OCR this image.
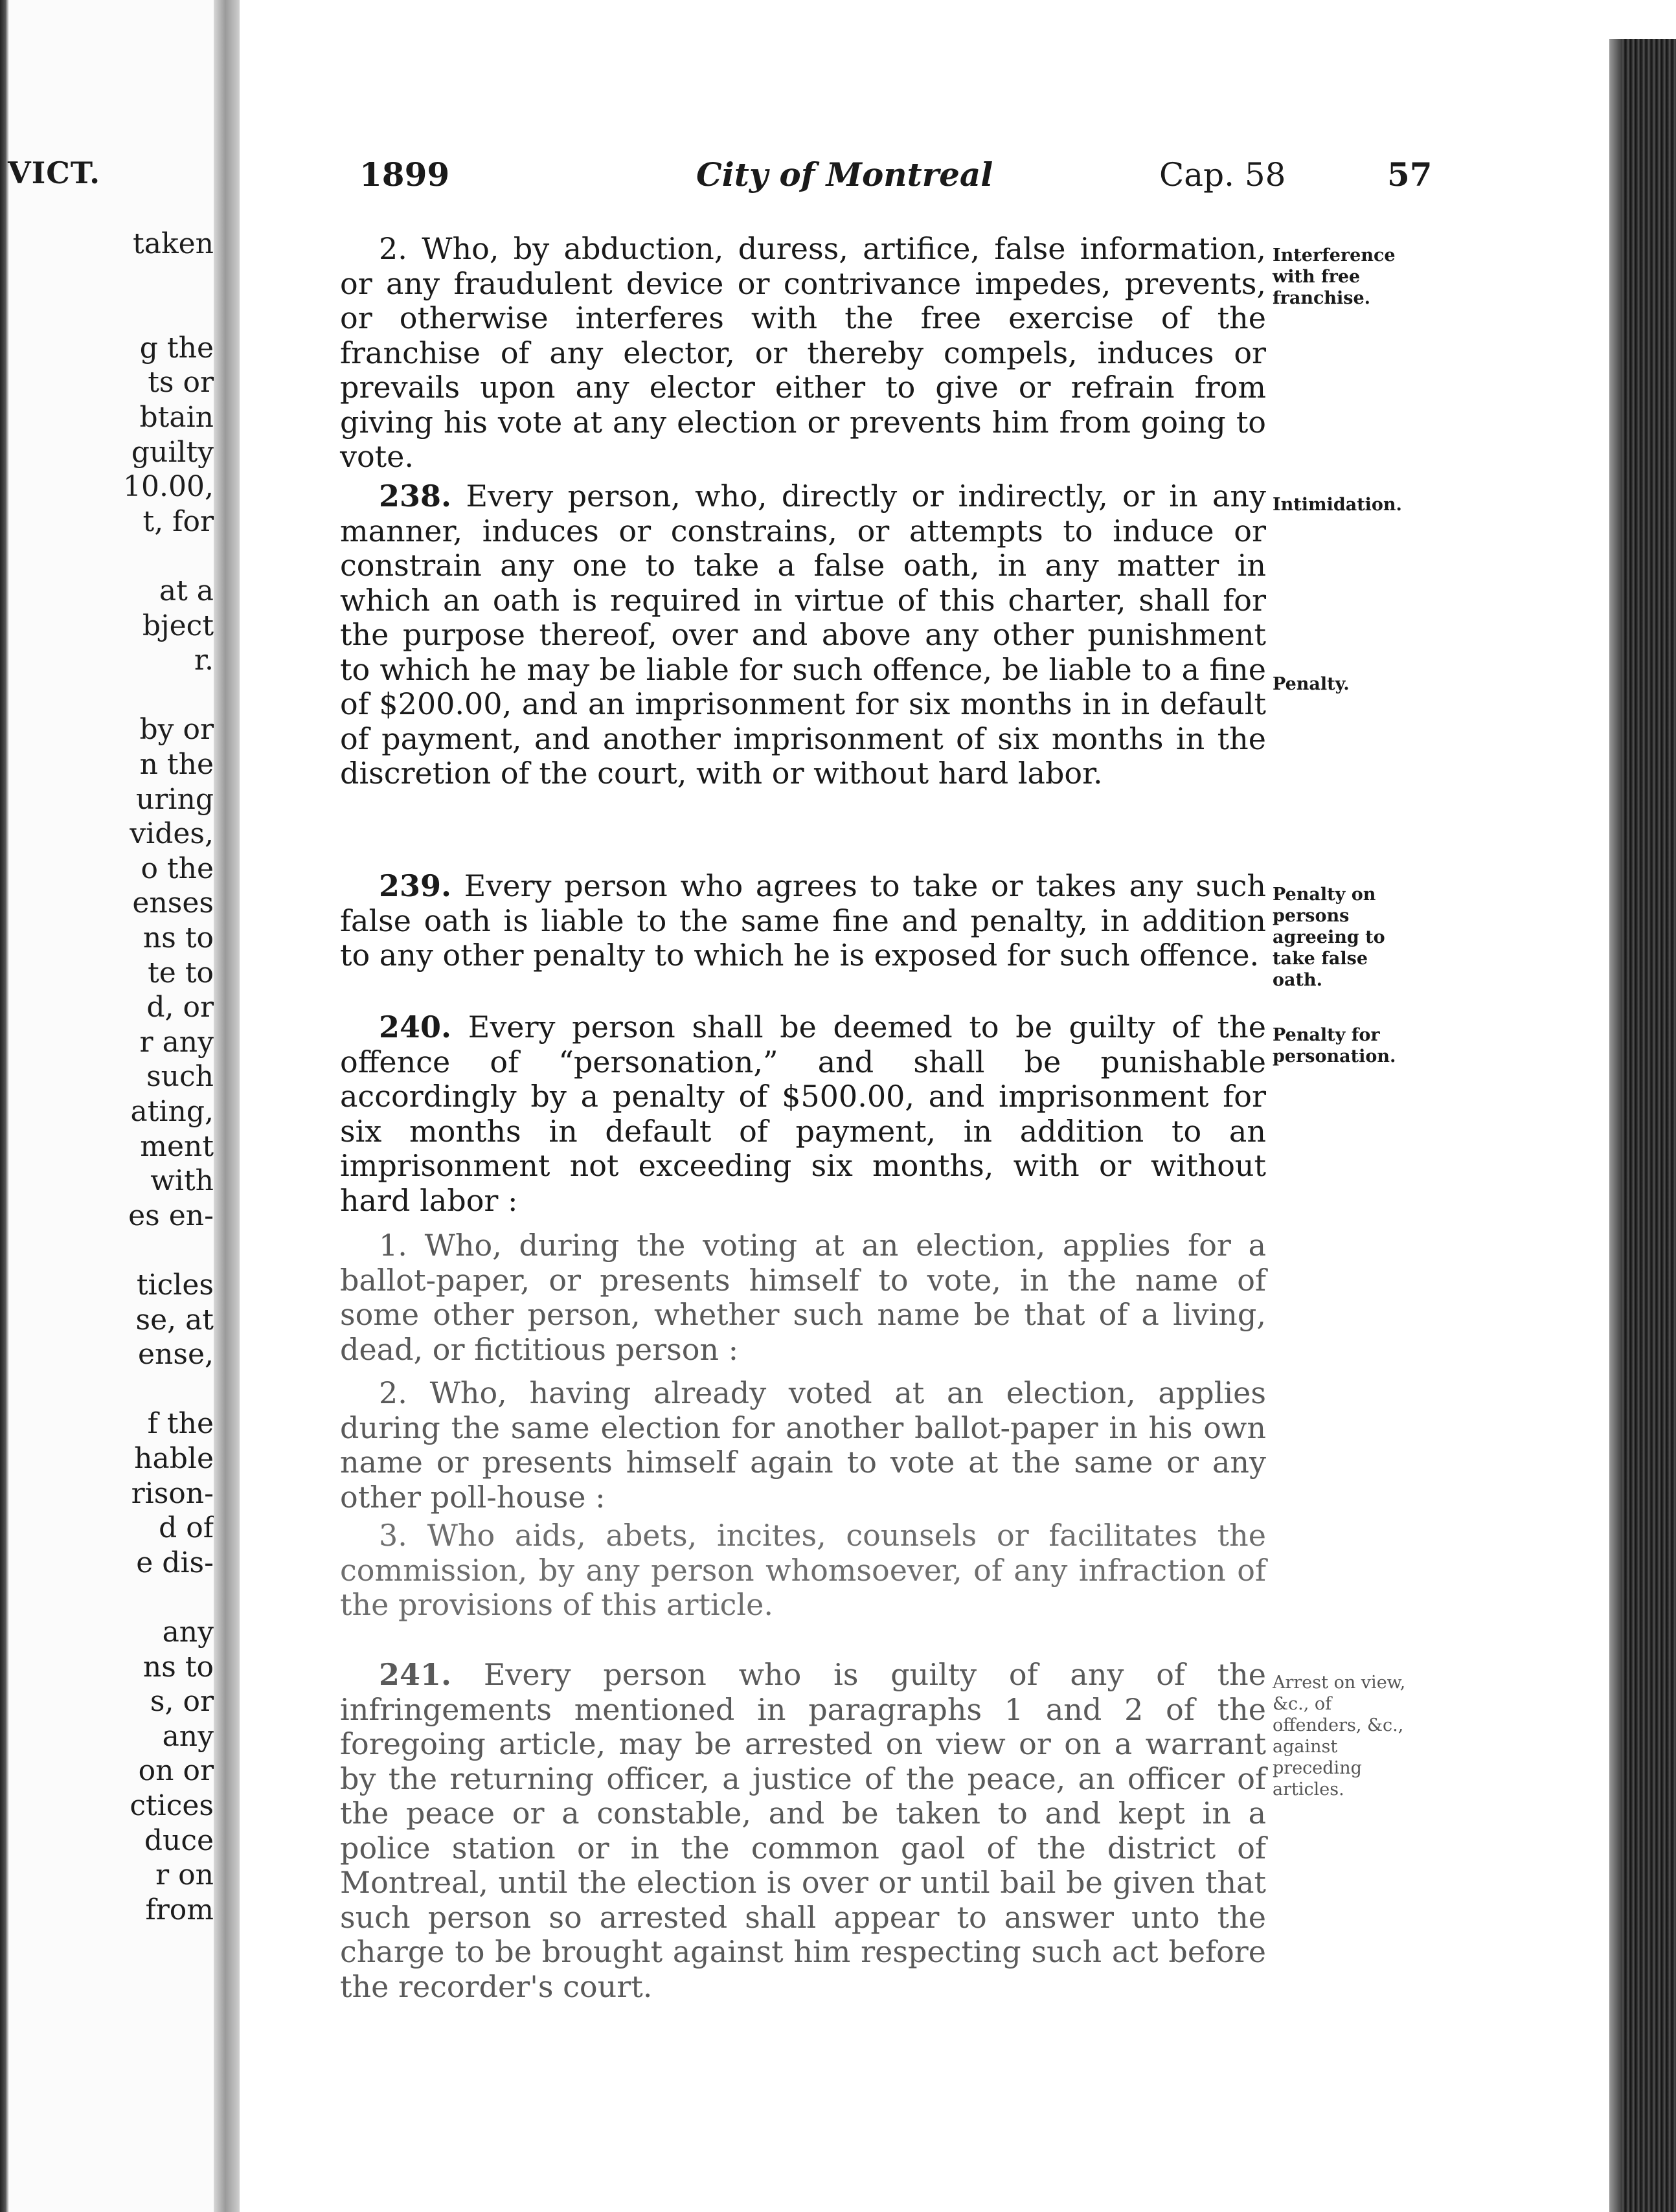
VICT.
taken
g the
ts or
btain
guilty
10.00,
t, for
at a
bject
r.
by or
n the
uring
vides,
o the
enses
ns to
te to
d, or
r any
such
ating,
ment
with
es en-
ticles
se, at
ense,
f the
hable
rison-
d of
e dis-
any
ns to
s, or
any
on or
ctices
duce
r on
from
1899	City of Montreal	Cap. 58	57
2. Who, by abduction, duress, artifice, false information, or any fraudulent device or contrivance impedes, prevents, or otherwise interferes with the free exercise of the franchise of any elector, or thereby compels, induces or prevails upon any elector either to give or refrain from giving his vote at any election or prevents him from going to vote.
Interference with free franchise.
238. Every person, who, directly or indirectly, or in any manner, induces or constrains, or attempts to induce or constrain any one to take a false oath, in any matter in which an oath is required in virtue of this charter, shall for the purpose thereof, over and above any other punishment to which he may be liable for such offence, be liable to a fine of $200.00, and an imprisonment for six months in in default of payment, and another imprisonment of six months in the discretion of the court, with or without hard labor.
Intimidation.
Penalty.
239. Every person who agrees to take or takes any such false oath is liable to the same fine and penalty, in addition to any other penalty to which he is exposed for such offence.
Penalty on persons agreeing to take false oath.
240. Every person shall be deemed to be guilty of the offence of “personation,” and shall be punishable accordingly by a penalty of $500.00, and imprisonment for six months in default of payment, in addition to an imprisonment not exceeding six months, with or without hard labor :
Penalty for personation.
1. Who, during the voting at an election, applies for a ballot-paper, or presents himself to vote, in the name of some other person, whether such name be that of a living, dead, or fictitious person :
2. Who, having already voted at an election, applies during the same election for another ballot-paper in his own name or presents himself again to vote at the same or any other poll-house :
3. Who aids, abets, incites, counsels or facilitates the commission, by any person whomsoever, of any infraction of the provisions of this article.
241. Every person who is guilty of any of the infringements mentioned in paragraphs 1 and 2 of the foregoing article, may be arrested on view or on a warrant by the returning officer, a justice of the peace, an officer of the peace or a constable, and be taken to and kept in a police station or in the common gaol of the district of Montreal, until the election is over or until bail be given that such person so arrested shall appear to answer unto the charge to be brought against him respecting such act before the recorder's court.
Arrest on view, &c., of offenders, &c., against preceding articles.
